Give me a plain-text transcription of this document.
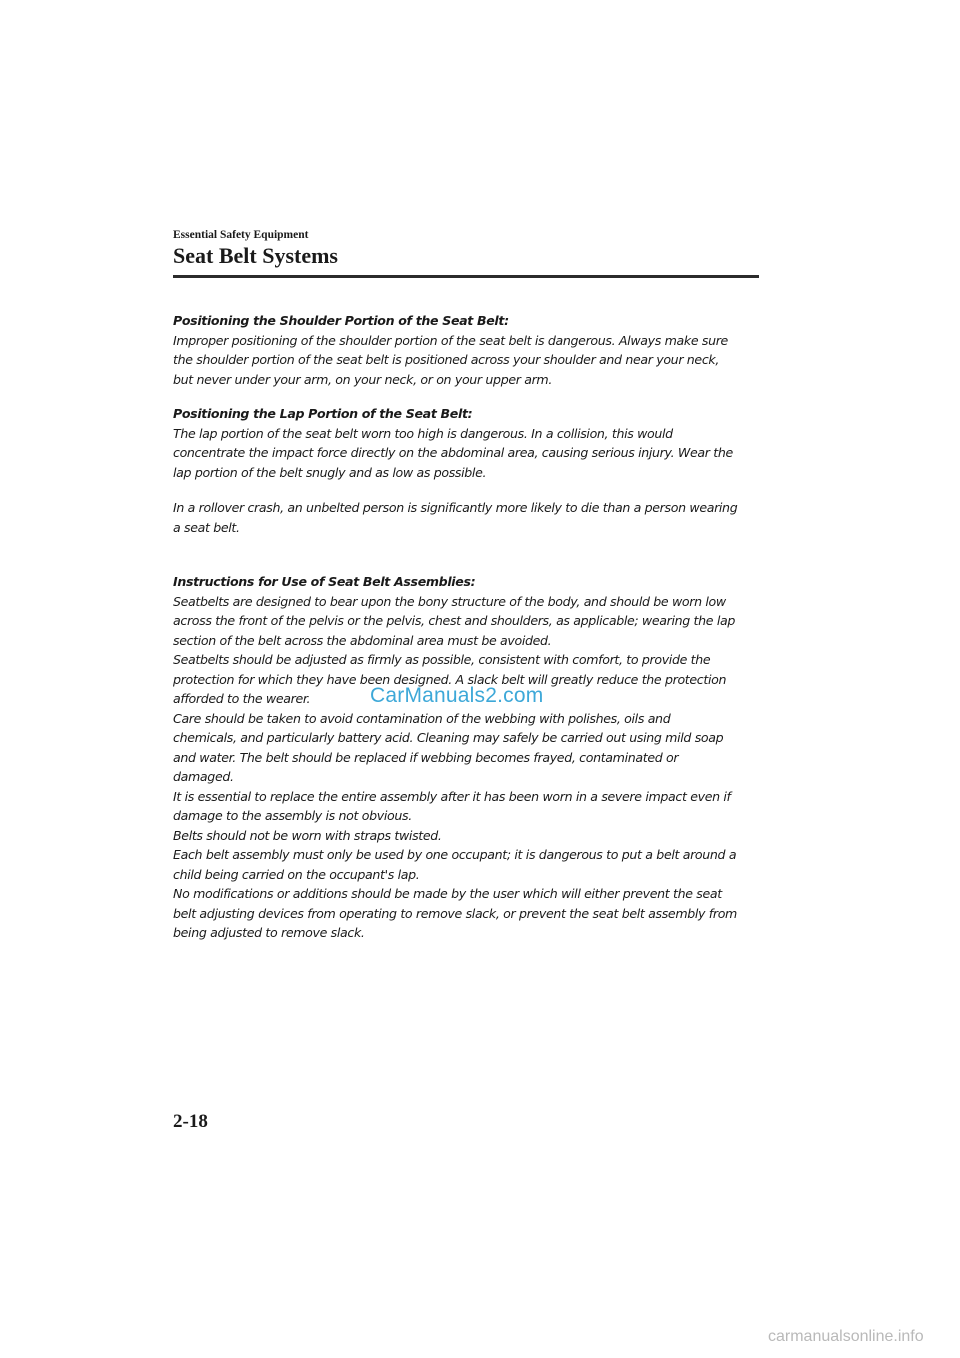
Essential Safety Equipment
Seat Belt Systems
Positioning the Shoulder Portion of the Seat Belt:
Improper positioning of the shoulder portion of the seat belt is dangerous. Always make sure
the shoulder portion of the seat belt is positioned across your shoulder and near your neck,
but never under your arm, on your neck, or on your upper arm.
Positioning the Lap Portion of the Seat Belt:
The lap portion of the seat belt worn too high is dangerous. In a collision, this would
concentrate the impact force directly on the abdominal area, causing serious injury. Wear the
lap portion of the belt snugly and as low as possible.
In a rollover crash, an unbelted person is significantly more likely to die than a person wearing
a seat belt.
Instructions for Use of Seat Belt Assemblies:
Seatbelts are designed to bear upon the bony structure of the body, and should be worn low
across the front of the pelvis or the pelvis, chest and shoulders, as applicable; wearing the lap
section of the belt across the abdominal area must be avoided.
Seatbelts should be adjusted as firmly as possible, consistent with comfort, to provide the
protection for which they have been designed. A slack belt will greatly reduce the protection
afforded to the wearer.
Care should be taken to avoid contamination of the webbing with polishes, oils and
chemicals, and particularly battery acid. Cleaning may safely be carried out using mild soap
and water. The belt should be replaced if webbing becomes frayed, contaminated or
damaged.
It is essential to replace the entire assembly after it has been worn in a severe impact even if
damage to the assembly is not obvious.
Belts should not be worn with straps twisted.
Each belt assembly must only be used by one occupant; it is dangerous to put a belt around a
child being carried on the occupant's lap.
No modifications or additions should be made by the user which will either prevent the seat
belt adjusting devices from operating to remove slack, or prevent the seat belt assembly from
being adjusted to remove slack.
CarManuals2.com
2-18
carmanualsonline.info
